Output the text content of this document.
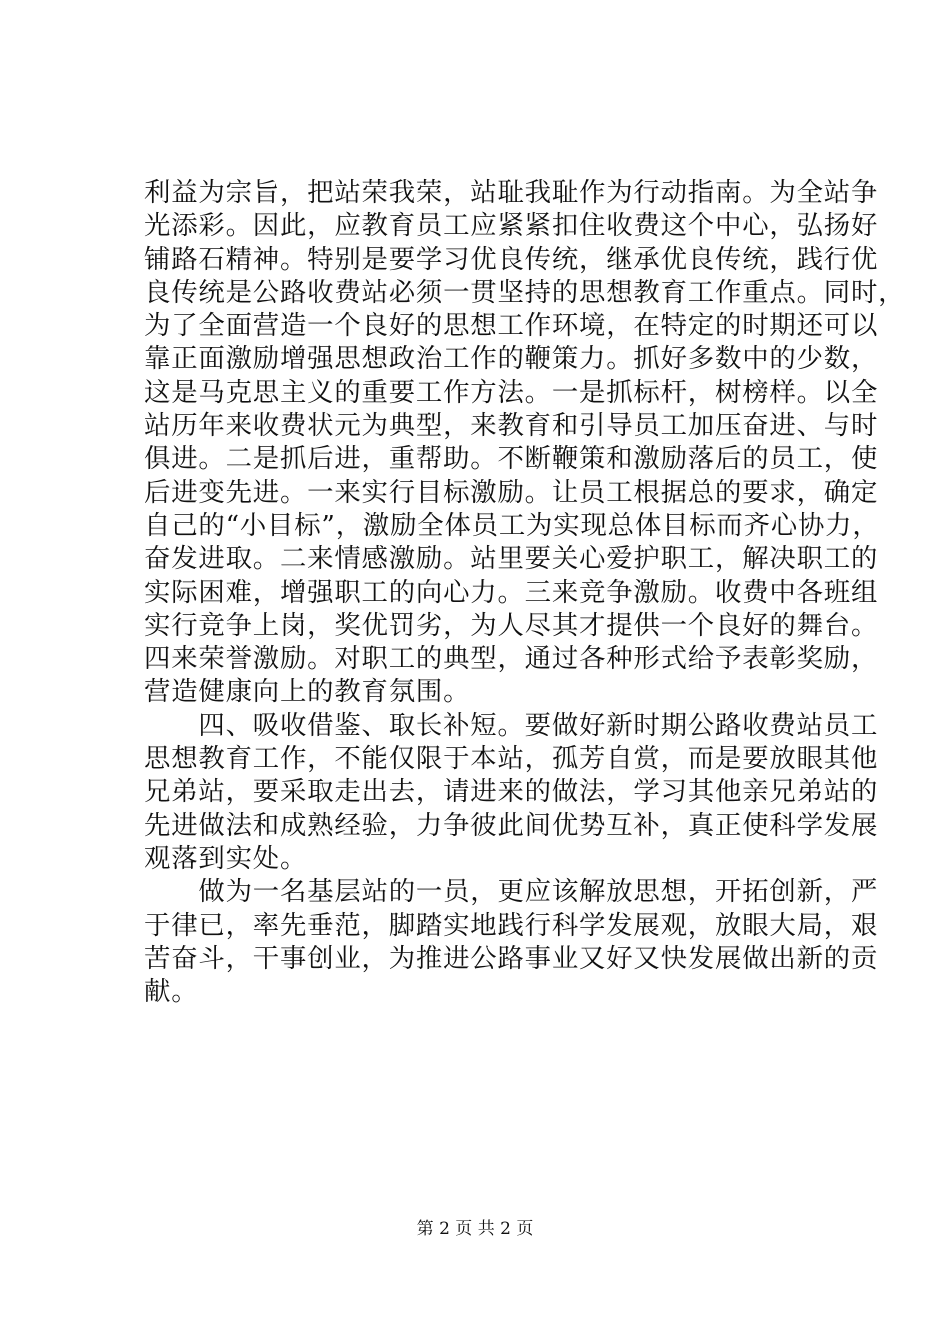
利益为宗旨，把站荣我荣，站耻我耻作为行动指南。为全站争
光添彩。因此，应教育员工应紧紧扣住收费这个中心，弘扬好
铺路石精神。特别是要学习优良传统，继承优良传统，践行优
良传统是公路收费站必须一贯坚持的思想教育工作重点。同时，
为了全面营造一个良好的思想工作环境，在特定的时期还可以
靠正面激励增强思想政治工作的鞭策力。抓好多数中的少数，
这是马克思主义的重要工作方法。一是抓标杆，树榜样。以全
站历年来收费状元为典型，来教育和引导员工加压奋进、与时
俱进。二是抓后进，重帮助。不断鞭策和激励落后的员工，使
后进变先进。一来实行目标激励。让员工根据总的要求，确定
自己的“小目标”，激励全体员工为实现总体目标而齐心协力，
奋发进取。二来情感激励。站里要关心爱护职工，解决职工的
实际困难，增强职工的向心力。三来竞争激励。收费中各班组
实行竞争上岗，奖优罚劣，为人尽其才提供一个良好的舞台。
四来荣誉激励。对职工的典型，通过各种形式给予表彰奖励，
营造健康向上的教育氛围。
　　四、吸收借鉴、取长补短。要做好新时期公路收费站员工
思想教育工作，不能仅限于本站，孤芳自赏，而是要放眼其他
兄弟站，要采取走出去，请进来的做法，学习其他亲兄弟站的
先进做法和成熟经验，力争彼此间优势互补，真正使科学发展
观落到实处。
　　做为一名基层站的一员，更应该解放思想，开拓创新，严
于律已，率先垂范，脚踏实地践行科学发展观，放眼大局，艰
苦奋斗，干事创业，为推进公路事业又好又快发展做出新的贡
献。
第 2 页 共 2 页
